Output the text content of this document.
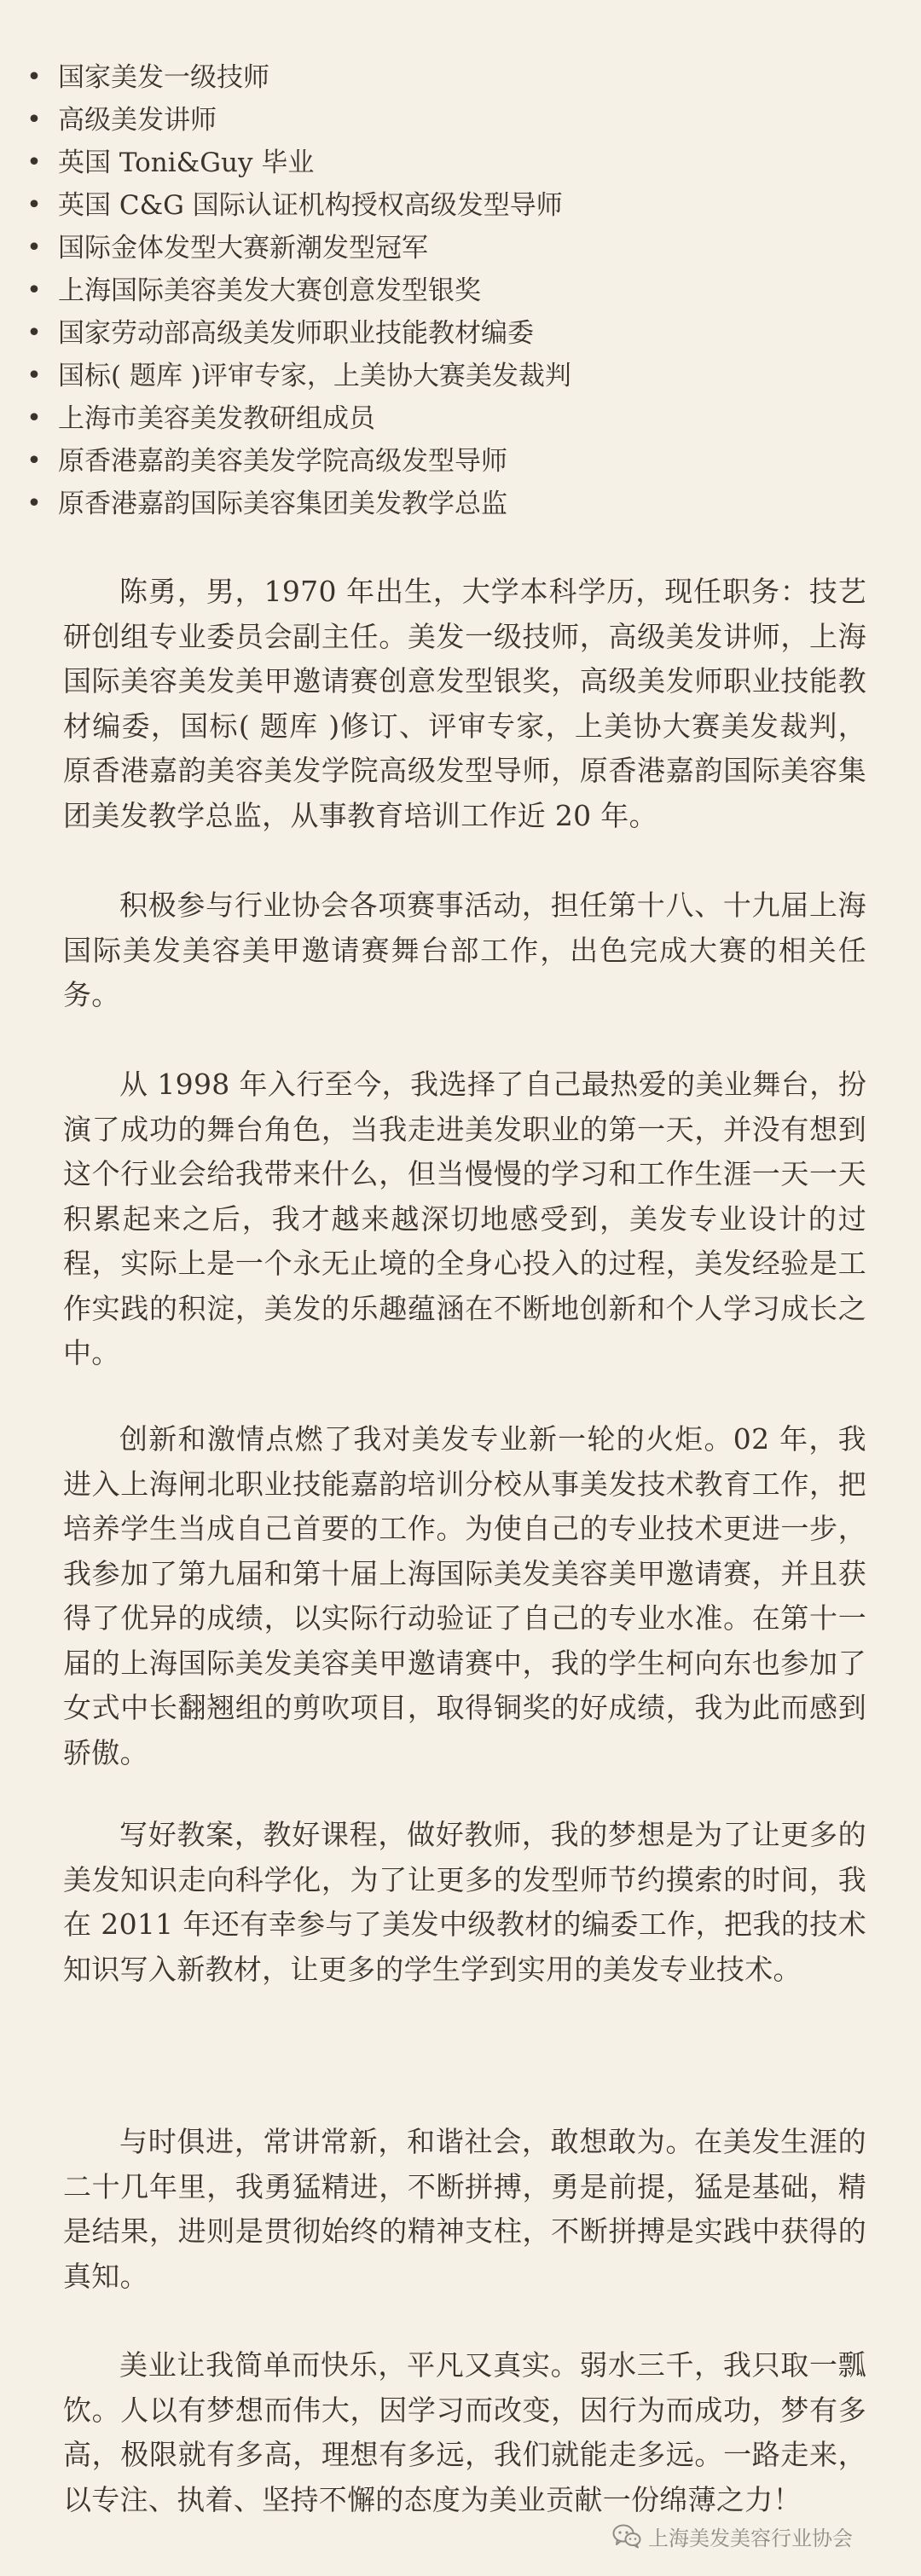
• 国家美发一级技师
• 高级美发讲师
• 英国 Toni&Guy 毕业
• 英国 C&G 国际认证机构授权高级发型导师
• 国际金体发型大赛新潮发型冠军
• 上海国际美容美发大赛创意发型银奖
• 国家劳动部高级美发师职业技能教材编委
• 国标( 题库 )评审专家，上美协大赛美发裁判
• 上海市美容美发教研组成员
• 原香港嘉韵美容美发学院高级发型导师
• 原香港嘉韵国际美容集团美发教学总监

陈勇，男，1970 年出生，大学本科学历，现任职务：技艺研创组专业委员会副主任。美发一级技师，高级美发讲师，上海国际美容美发美甲邀请赛创意发型银奖，高级美发师职业技能教材编委，国标( 题库 )修订、评审专家，上美协大赛美发裁判，原香港嘉韵美容美发学院高级发型导师，原香港嘉韵国际美容集团美发教学总监，从事教育培训工作近 20 年。

积极参与行业协会各项赛事活动，担任第十八、十九届上海国际美发美容美甲邀请赛舞台部工作，出色完成大赛的相关任务。

从 1998 年入行至今，我选择了自己最热爱的美业舞台，扮演了成功的舞台角色，当我走进美发职业的第一天，并没有想到这个行业会给我带来什么，但当慢慢的学习和工作生涯一天一天积累起来之后，我才越来越深切地感受到，美发专业设计的过程，实际上是一个永无止境的全身心投入的过程，美发经验是工作实践的积淀，美发的乐趣蕴涵在不断地创新和个人学习成长之中。

创新和激情点燃了我对美发专业新一轮的火炬。02 年，我进入上海闸北职业技能嘉韵培训分校从事美发技术教育工作，把培养学生当成自己首要的工作。为使自己的专业技术更进一步，我参加了第九届和第十届上海国际美发美容美甲邀请赛，并且获得了优异的成绩，以实际行动验证了自己的专业水准。在第十一届的上海国际美发美容美甲邀请赛中，我的学生柯向东也参加了女式中长翻翘组的剪吹项目，取得铜奖的好成绩，我为此而感到骄傲。

写好教案，教好课程，做好教师，我的梦想是为了让更多的美发知识走向科学化，为了让更多的发型师节约摸索的时间，我在 2011 年还有幸参与了美发中级教材的编委工作，把我的技术知识写入新教材，让更多的学生学到实用的美发专业技术。

与时俱进，常讲常新，和谐社会，敢想敢为。在美发生涯的二十几年里，我勇猛精进，不断拼搏，勇是前提，猛是基础，精是结果，进则是贯彻始终的精神支柱，不断拼搏是实践中获得的真知。

美业让我简单而快乐，平凡又真实。弱水三千，我只取一瓢饮。人以有梦想而伟大，因学习而改变，因行为而成功，梦有多高，极限就有多高，理想有多远，我们就能走多远。一路走来，以专注、执着、坚持不懈的态度为美业贡献一份绵薄之力！

上海美发美容行业协会
